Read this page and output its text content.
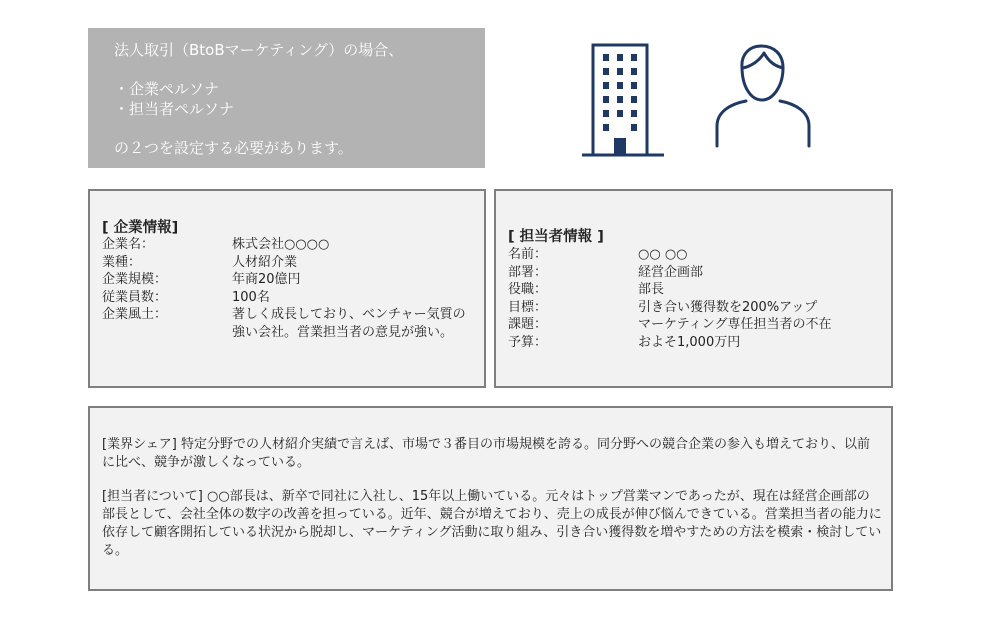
法人取引（BtoBマーケティング）の場合、
・企業ペルソナ
・担当者ペルソナ
の２つを設定する必要があります。
[ 企業情報]
企業名：	株式会社○○○○
業種：	人材紹介業
企業規模：	年商20億円
従業員数：	100名
企業風土：	著しく成長しており、ベンチャー気質の強い会社。営業担当者の意見が強い。
[ 担当者情報 ]
名前：	○○ ○○
部署：	経営企画部
役職：	部長
目標：	引き合い獲得数を200%アップ
課題：	マーケティング専任担当者の不在
予算：	およそ1,000万円
[業界シェア] 特定分野での人材紹介実績で言えば、市場で３番目の市場規模を誇る。同分野への競合企業の参入も増えており、以前に比べ、競争が激しくなっている。
[担当者について] ○○部長は、新卒で同社に入社し、15年以上働いている。元々はトップ営業マンであったが、現在は経営企画部の部長として、会社全体の数字の改善を担っている。近年、競合が増えており、売上の成長が伸び悩んできている。営業担当者の能力に依存して顧客開拓している状況から脱却し、マーケティング活動に取り組み、引き合い獲得数を増やすための方法を模索・検討している。
